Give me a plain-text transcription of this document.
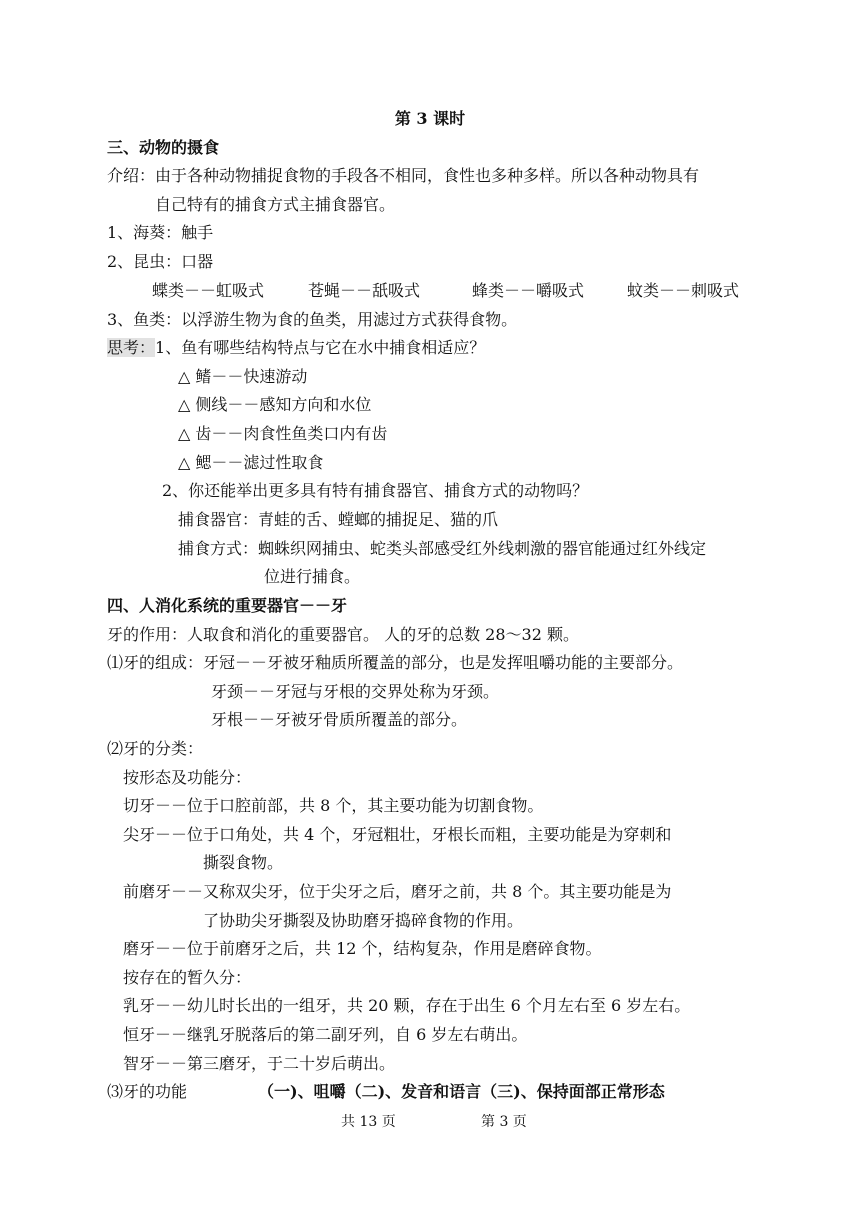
第 3 课时
三、动物的摄食
介绍：由于各种动物捕捉食物的手段各不相同，食性也多种多样。所以各种动物具有
自己特有的捕食方式主捕食器官。
1、海葵：触手
2、昆虫：口器
蝶类－－虹吸式	苍蝇－－舐吸式	蜂类－－嚼吸式	蚊类－－刺吸式
3、鱼类：以浮游生物为食的鱼类，用滤过方式获得食物。
思考：1、鱼有哪些结构特点与它在水中捕食相适应？
△ 鳍－－快速游动
△ 侧线－－感知方向和水位
△ 齿－－肉食性鱼类口内有齿
△ 鳃－－滤过性取食
2、你还能举出更多具有特有捕食器官、捕食方式的动物吗？
捕食器官：青蛙的舌、螳螂的捕捉足、猫的爪
捕食方式：蜘蛛织网捕虫、蛇类头部感受红外线刺激的器官能通过红外线定
位进行捕食。
四、人消化系统的重要器官－－牙
牙的作用：人取食和消化的重要器官。 人的牙的总数 28～32 颗。
⑴牙的组成：牙冠－－牙被牙釉质所覆盖的部分，也是发挥咀嚼功能的主要部分。
牙颈－－牙冠与牙根的交界处称为牙颈。
牙根－－牙被牙骨质所覆盖的部分。
⑵牙的分类：
按形态及功能分：
切牙－－位于口腔前部，共 8 个，其主要功能为切割食物。
尖牙－－位于口角处，共 4 个，牙冠粗壮，牙根长而粗，主要功能是为穿刺和
撕裂食物。
前磨牙－－又称双尖牙，位于尖牙之后，磨牙之前，共 8 个。其主要功能是为
了协助尖牙撕裂及协助磨牙捣碎食物的作用。
磨牙－－位于前磨牙之后，共 12 个，结构复杂，作用是磨碎食物。
按存在的暂久分：
乳牙－－幼儿时长出的一组牙，共 20 颗，存在于出生 6 个月左右至 6 岁左右。
恒牙－－继乳牙脱落后的第二副牙列，自 6 岁左右萌出。
智牙－－第三磨牙，于二十岁后萌出。
⑶牙的功能	（一)、咀嚼（二)、发音和语言（三)、保持面部正常形态
共 13 页	第 3 页
